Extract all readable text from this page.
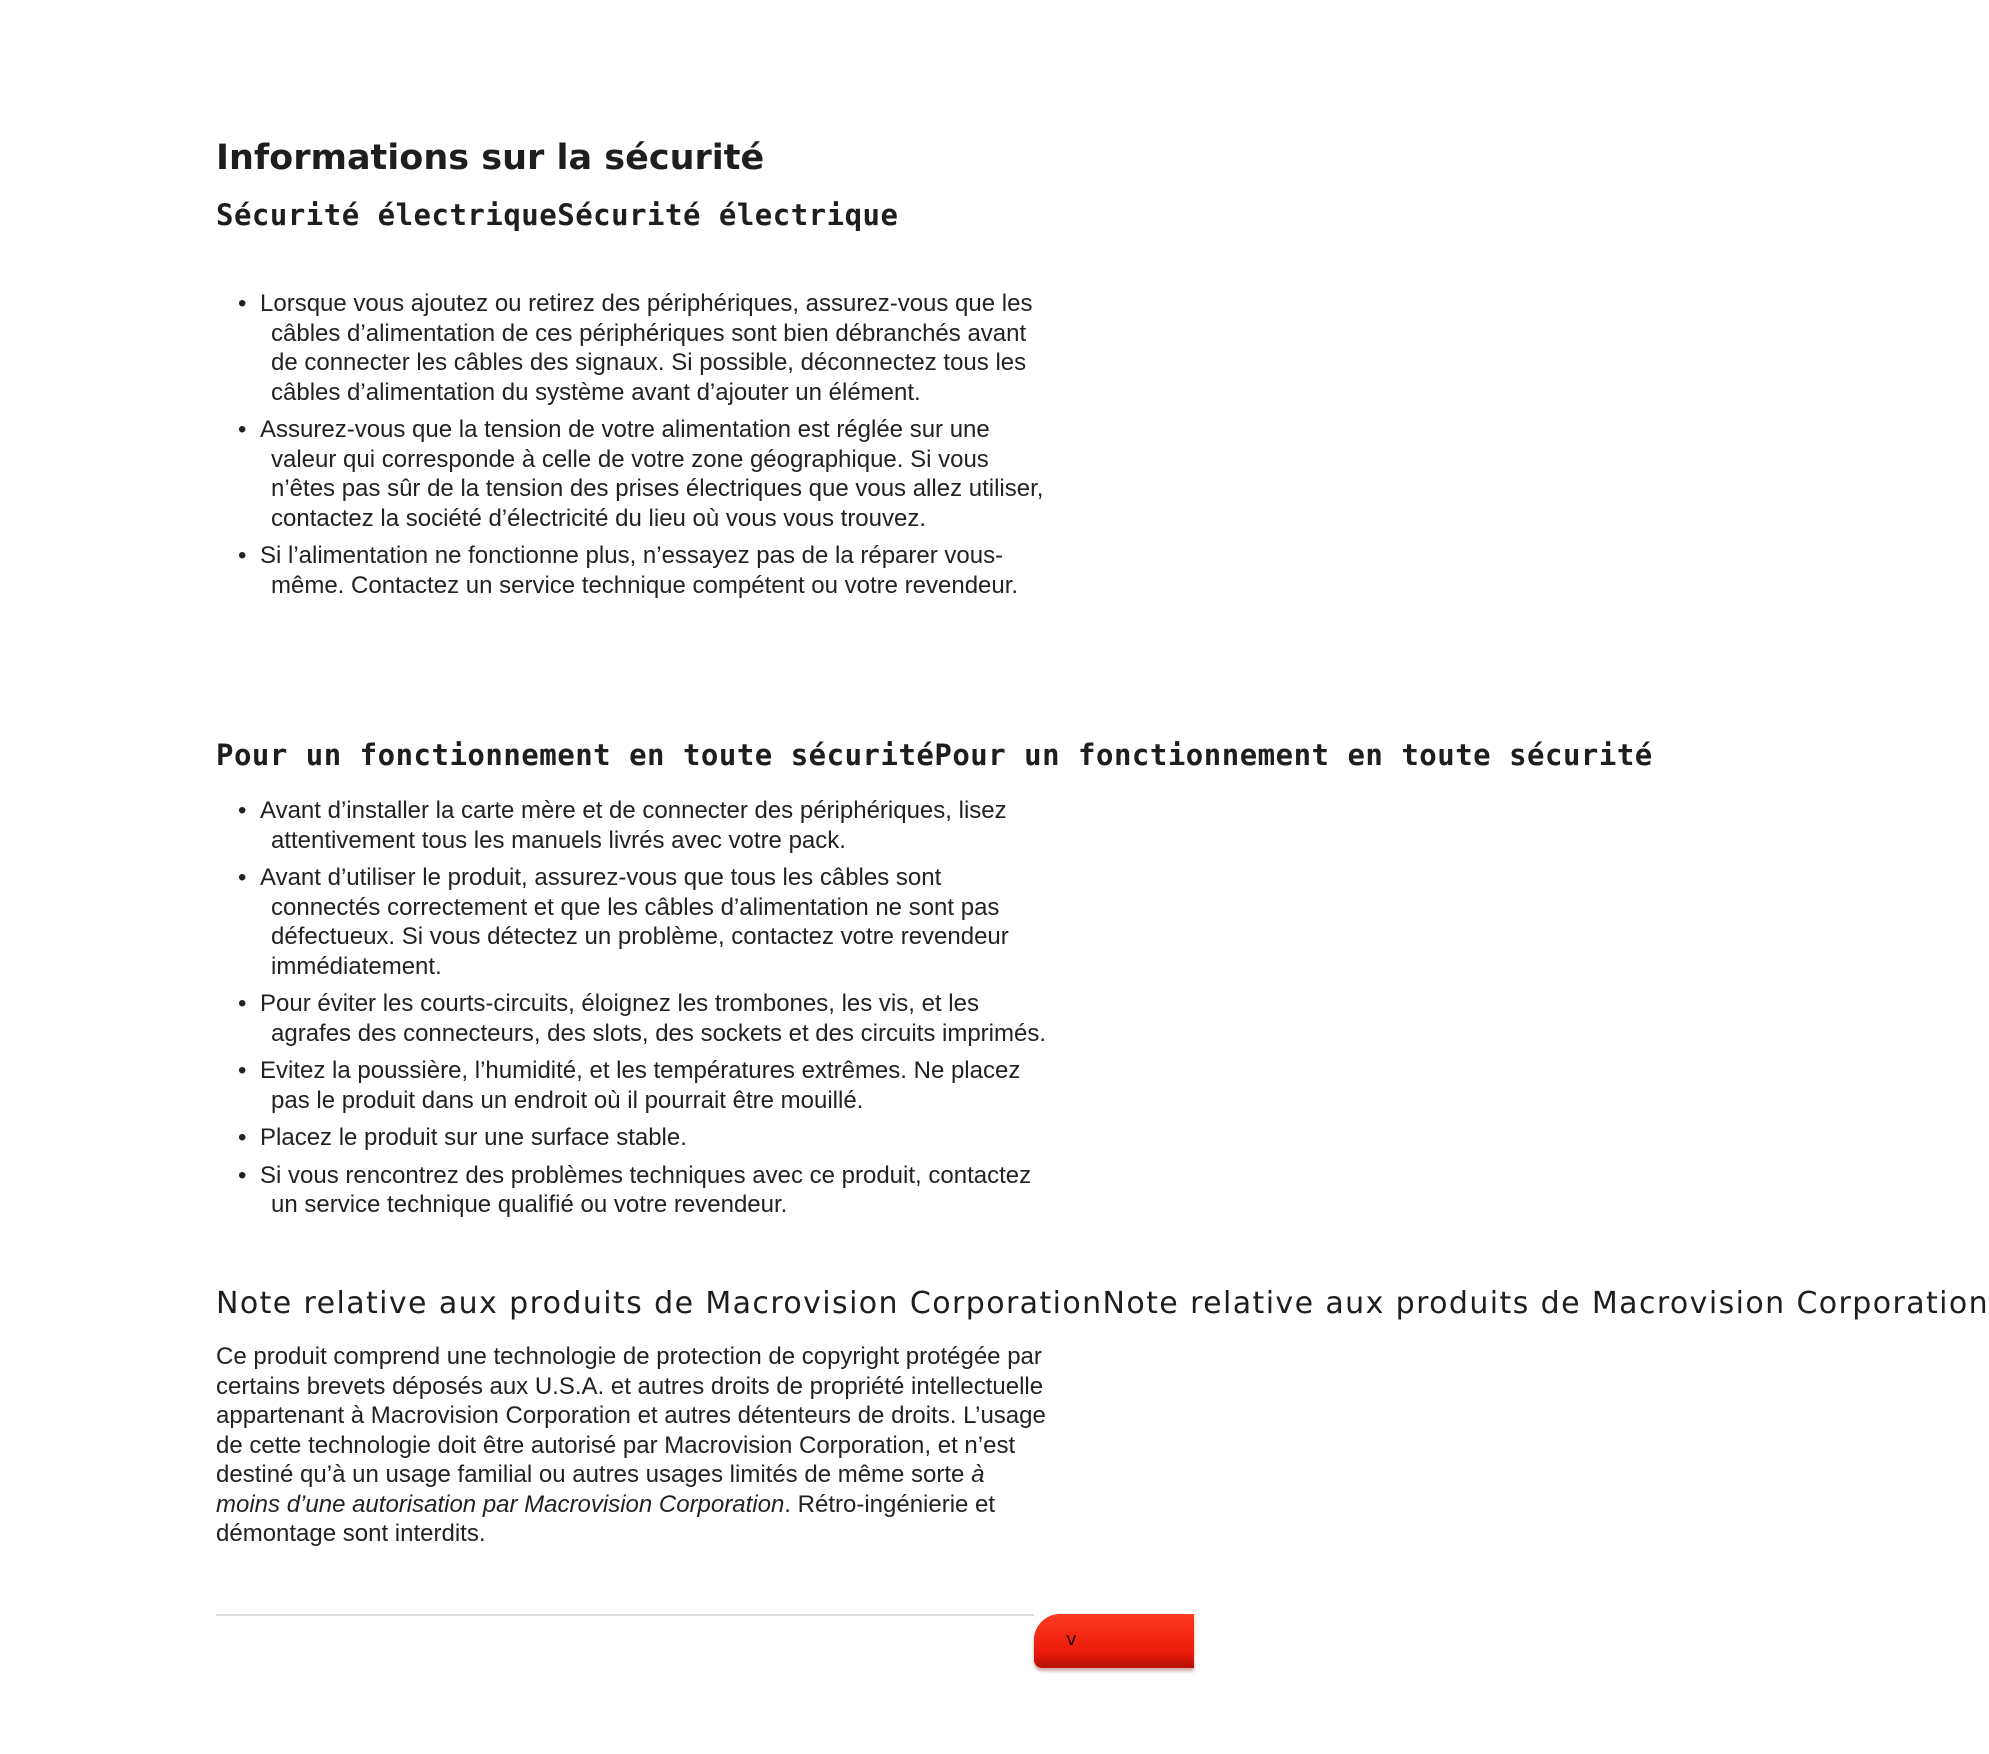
Informations sur la sécurité
Sécurité électriqueSécurité électrique
• Lorsque vous ajoutez ou retirez des périphériques, assurez-vous que les câbles d’alimentation de ces périphériques sont bien débranchés avant de connecter les câbles des signaux. Si possible, déconnectez tous les câbles d’alimentation du système avant d’ajouter un élément.
• Assurez-vous que la tension de votre alimentation est réglée sur une valeur qui corresponde à celle de votre zone géographique. Si vous n’êtes pas sûr de la tension des prises électriques que vous allez utiliser, contactez la société d’électricité du lieu où vous vous trouvez.
• Si l’alimentation ne fonctionne plus, n’essayez pas de la réparer vous-même. Contactez un service technique compétent ou votre revendeur.
Pour un fonctionnement en toute sécuritéPour un fonctionnement en toute sécurité
• Avant d’installer la carte mère et de connecter des périphériques, lisez attentivement tous les manuels livrés avec votre pack.
• Avant d’utiliser le produit, assurez-vous que tous les câbles sont connectés correctement et que les câbles d’alimentation ne sont pas défectueux. Si vous détectez un problème, contactez votre revendeur immédiatement.
• Pour éviter les courts-circuits, éloignez les trombones, les vis, et les agrafes des connecteurs, des slots, des sockets et des circuits imprimés.
• Evitez la poussière, l’humidité, et les températures extrêmes. Ne placez pas le produit dans un endroit où il pourrait être mouillé.
• Placez le produit sur une surface stable.
• Si vous rencontrez des problèmes techniques avec ce produit, contactez un service technique qualifié ou votre revendeur.
Note relative aux produits de Macrovision CorporationNote relative aux produits de Macrovision Corporation

Ce produit comprend une technologie de protection de copyright protégée par certains brevets déposés aux U.S.A. et autres droits de propriété intellectuelle appartenant à Macrovision Corporation et autres détenteurs de droits. L’usage de cette technologie doit être autorisé par Macrovision Corporation, et n’est destiné qu’à un usage familial ou autres usages limités de même sorte à moins d’une autorisation par Macrovision Corporation. Rétro-ingénierie et démontage sont interdits.

v
